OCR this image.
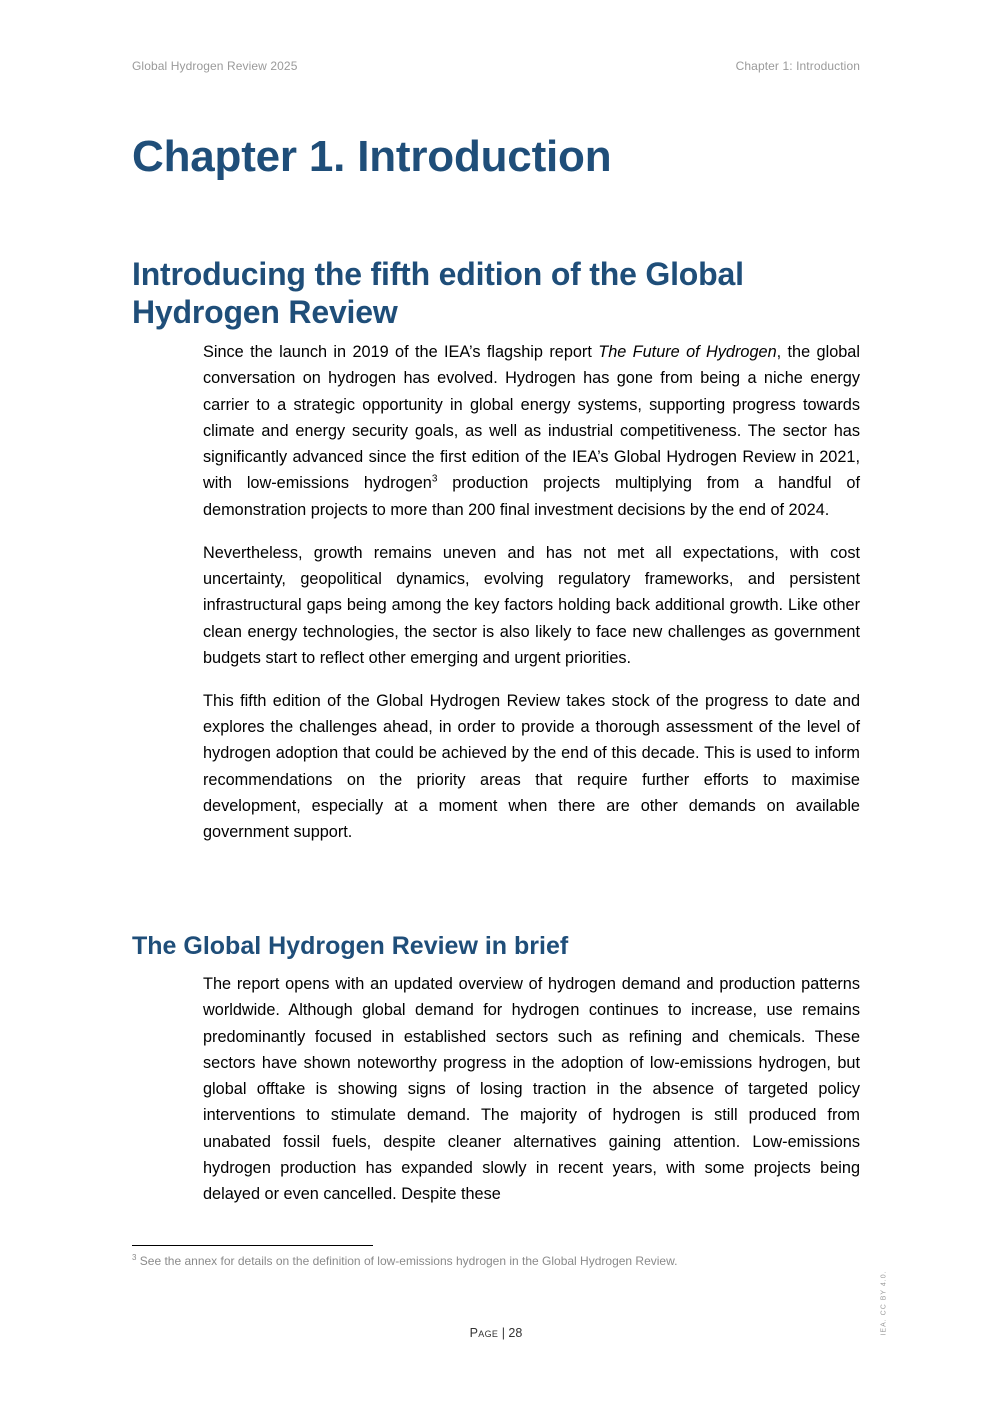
Global Hydrogen Review 2025	Chapter 1: Introduction
Chapter 1. Introduction
Introducing the fifth edition of the Global Hydrogen Review

Since the launch in 2019 of the IEA’s flagship report The Future of Hydrogen, the global conversation on hydrogen has evolved. Hydrogen has gone from being a niche energy carrier to a strategic opportunity in global energy systems, supporting progress towards climate and energy security goals, as well as industrial competitiveness. The sector has significantly advanced since the first edition of the IEA’s Global Hydrogen Review in 2021, with low-emissions hydrogen$^3$ production projects multiplying from a handful of demonstration projects to more than 200 final investment decisions by the end of 2024.

Nevertheless, growth remains uneven and has not met all expectations, with cost uncertainty, geopolitical dynamics, evolving regulatory frameworks, and persistent infrastructural gaps being among the key factors holding back additional growth. Like other clean energy technologies, the sector is also likely to face new challenges as government budgets start to reflect other emerging and urgent priorities.

This fifth edition of the Global Hydrogen Review takes stock of the progress to date and explores the challenges ahead, in order to provide a thorough assessment of the level of hydrogen adoption that could be achieved by the end of this decade. This is used to inform recommendations on the priority areas that require further efforts to maximise development, especially at a moment when there are other demands on available government support.

The Global Hydrogen Review in brief

The report opens with an updated overview of hydrogen demand and production patterns worldwide. Although global demand for hydrogen continues to increase, use remains predominantly focused in established sectors such as refining and chemicals. These sectors have shown noteworthy progress in the adoption of low-emissions hydrogen, but global offtake is showing signs of losing traction in the absence of targeted policy interventions to stimulate demand. The majority of hydrogen is still produced from unabated fossil fuels, despite cleaner alternatives gaining attention. Low-emissions hydrogen production has expanded slowly in recent years, with some projects being delayed or even cancelled. Despite these

$^3$ See the annex for details on the definition of low-emissions hydrogen in the Global Hydrogen Review.
Page | 28	IEA. CC BY 4.0.
